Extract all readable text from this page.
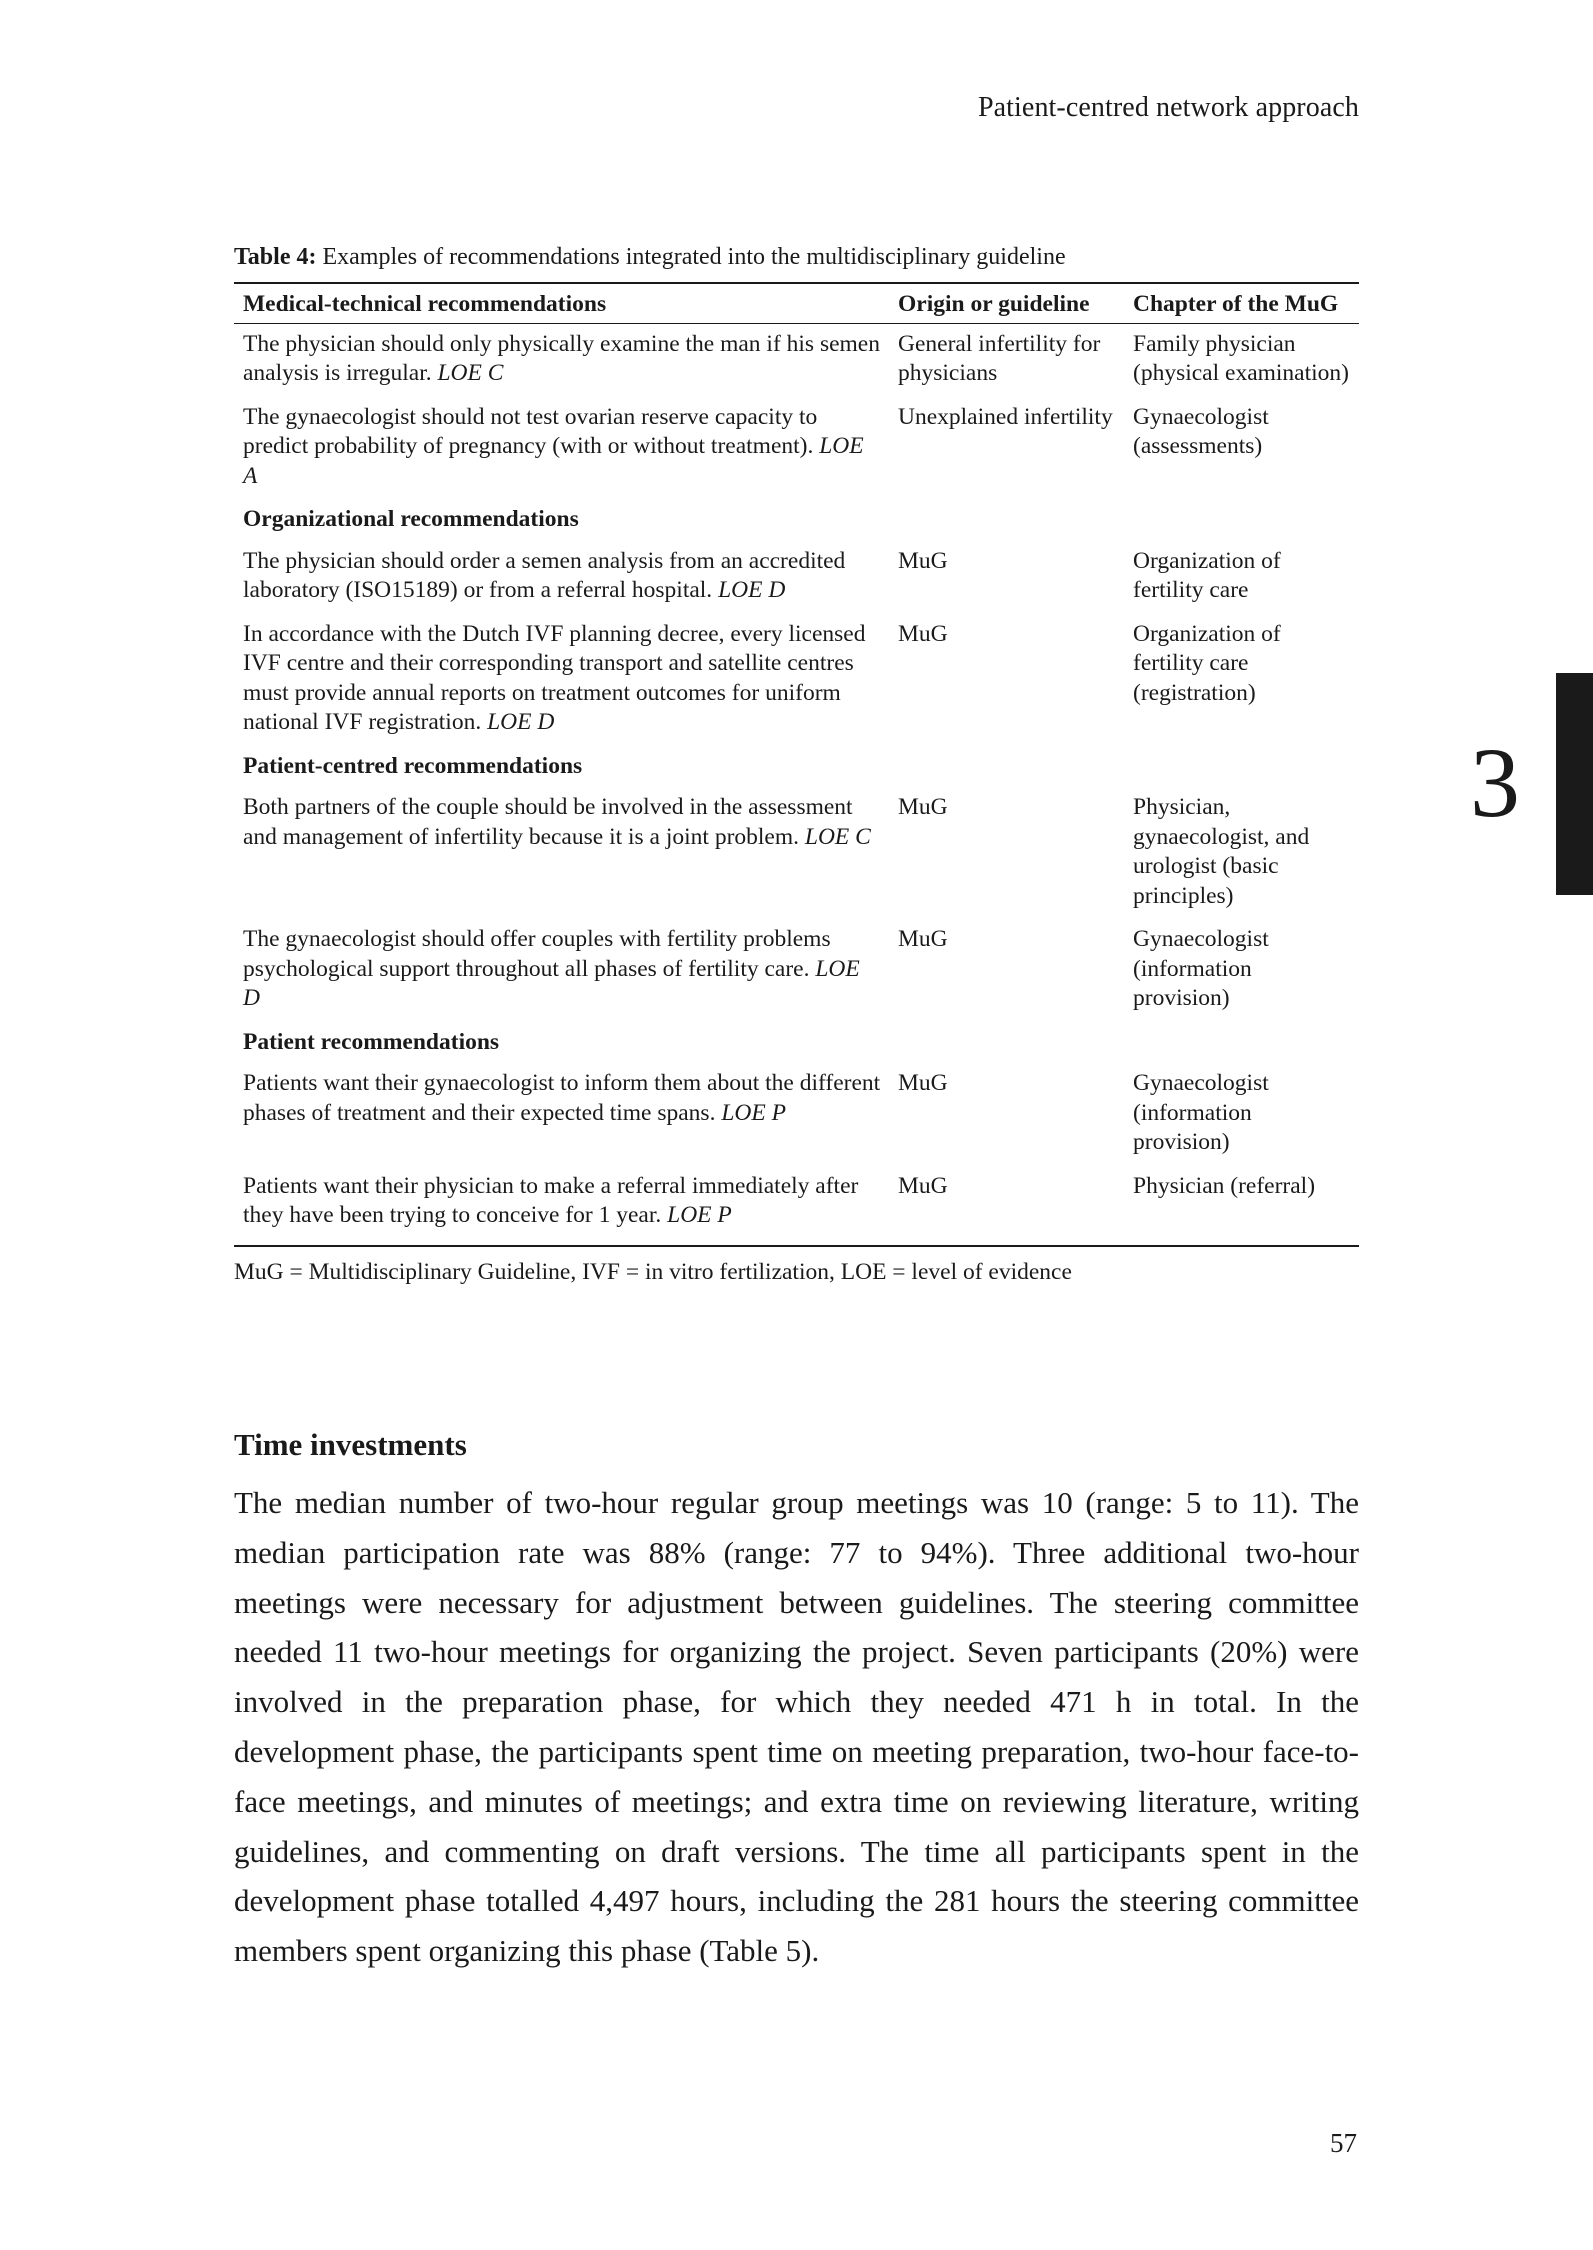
Patient-centred network approach
3
Table 4: Examples of recommendations integrated into the multidisciplinary guideline
Medical-technical recommendations	Origin or guideline	Chapter of the MuG
The physician should only physically examine the man if his semen analysis is irregular. LOE C	General infertility for physicians	Family physician (physical examination)
The gynaecologist should not test ovarian reserve capacity to predict probability of pregnancy (with or without treatment). LOE A	Unexplained infertility	Gynaecologist (assessments)
Organizational recommendations		
The physician should order a semen analysis from an accredited laboratory (ISO15189) or from a referral hospital. LOE D	MuG	Organization of fertility care
In accordance with the Dutch IVF planning decree, every licensed IVF centre and their corresponding transport and satellite centres must provide annual reports on treatment outcomes for uniform national IVF registration. LOE D	MuG	Organization of fertility care (registration)
Patient-centred recommendations		
Both partners of the couple should be involved in the assessment and management of infertility because it is a joint problem. LOE C	MuG	Physician, gynaecologist, and urologist (basic principles)
The gynaecologist should offer couples with fertility problems psychological support throughout all phases of fertility care. LOE D	MuG	Gynaecologist (information provision)
Patient recommendations		
Patients want their gynaecologist to inform them about the different phases of treatment and their expected time spans. LOE P	MuG	Gynaecologist (information provision)
Patients want their physician to make a referral immediately after they have been trying to conceive for 1 year. LOE P	MuG	Physician (referral)
MuG = Multidisciplinary Guideline, IVF = in vitro fertilization, LOE = level of evidence
Time investments
The median number of two-hour regular group meetings was 10 (range: 5 to 11). The median participation rate was 88% (range: 77 to 94%). Three additional two-hour meetings were necessary for adjustment between guidelines. The steering committee needed 11 two-hour meetings for organizing the project. Seven participants (20%) were involved in the preparation phase, for which they needed 471 h in total. In the development phase, the participants spent time on meeting preparation, two-hour face-to-face meetings, and minutes of meetings; and extra time on reviewing literature, writing guidelines, and commenting on draft versions. The time all participants spent in the development phase totalled 4,497 hours, including the 281 hours the steering committee members spent organizing this phase (Table 5).
57
